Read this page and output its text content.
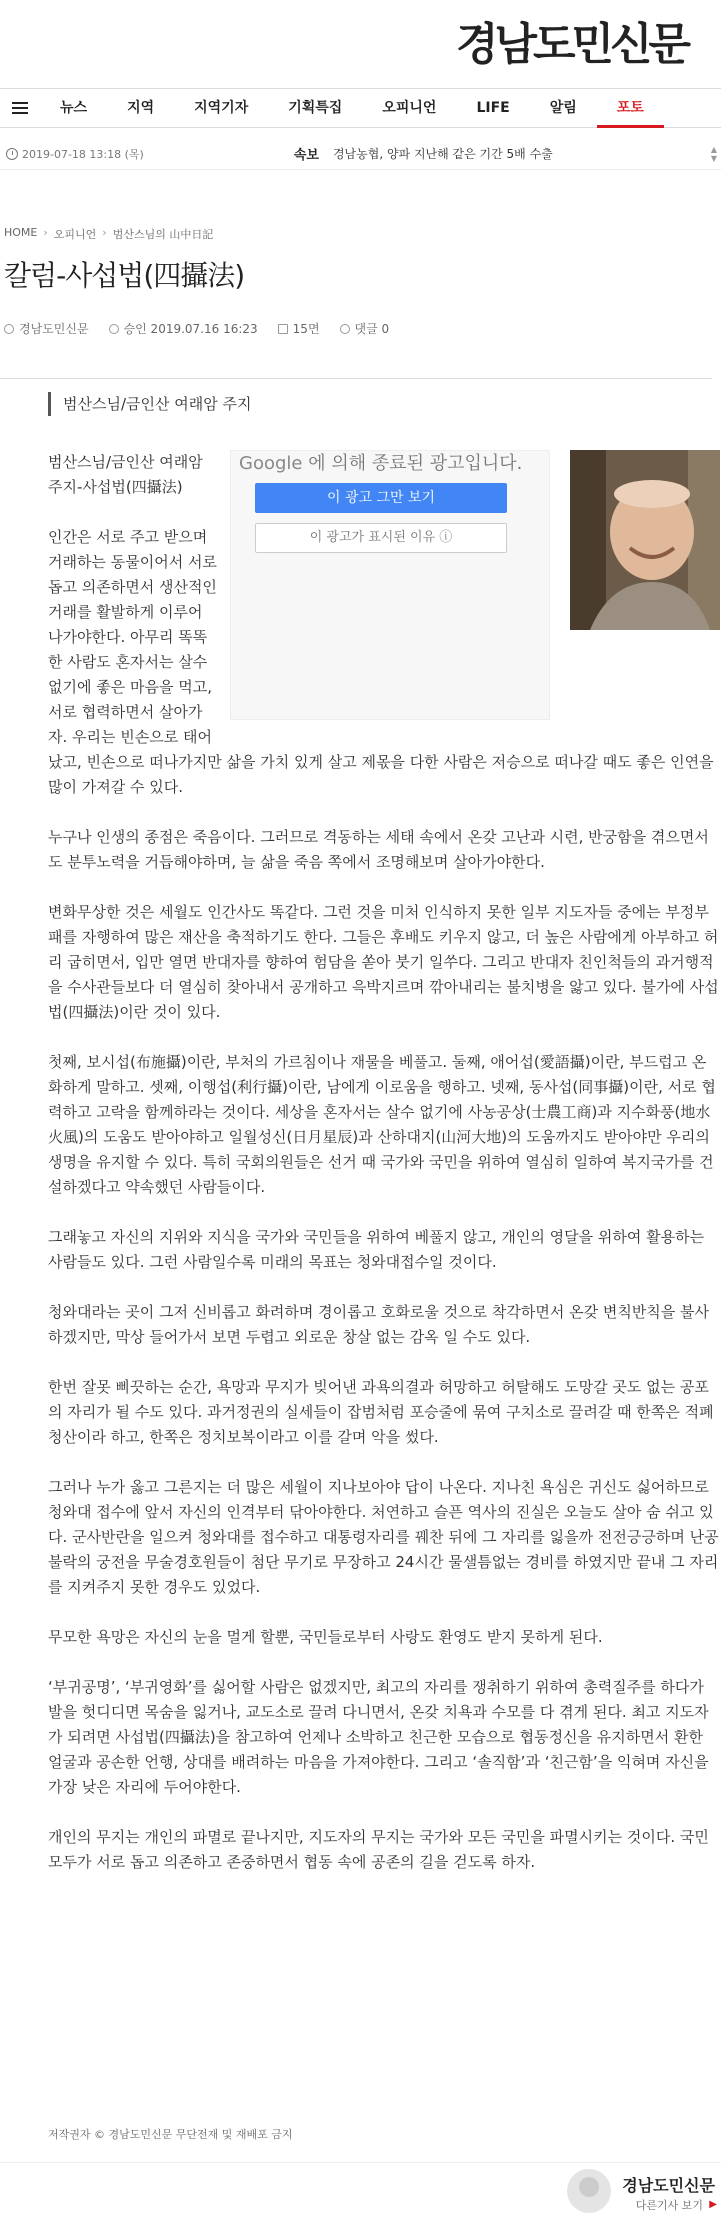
경남도민신문
뉴스	지역	지역기자	기획특집	오피니언	LIFE	알림	포토
2019-07-18 13:18 (목)	속보 경남농협, 양파 지난해 같은 기간 5배 수출	▲
▼
HOME › 오피니언 › 범산스님의 山中日記
칼럼-사섭법(四攝法)
경남도민신문	승인 2019.07.16 16:23	15면	댓글 0
범산스님/금인산 여래암 주지
Google 에 의해 종료된 광고입니다.
이 광고 그만 보기
이 광고가 표시된 이유 ⓘ

범산스님/금인산 여래암 주지-사섭법(四攝法)

인간은 서로 주고 받으며 거래하는 동물이어서 서로 돕고 의존하면서 생산적인 거래를 활발하게 이루어 나가야한다. 아무리 똑똑한 사람도 혼자서는 살수 없기에 좋은 마음을 먹고, 서로 협력하면서 살아가자. 우리는 빈손으로 태어났고, 빈손으로 떠나가지만 삶을 가치 있게 살고 제몫을 다한 사람은 저승으로 떠나갈 때도 좋은 인연을 많이 가져갈 수 있다.

누구나 인생의 종점은 죽음이다. 그러므로 격동하는 세태 속에서 온갖 고난과 시련, 반궁함을 겪으면서도 분투노력을 거듭해야하며, 늘 삶을 죽음 쪽에서 조명해보며 살아가야한다.

변화무상한 것은 세월도 인간사도 똑같다. 그런 것을 미처 인식하지 못한 일부 지도자들 중에는 부정부패를 자행하여 많은 재산을 축적하기도 한다. 그들은 후배도 키우지 않고, 더 높은 사람에게 아부하고 허리 굽히면서, 입만 열면 반대자를 향하여 험담을 쏟아 붓기 일쑤다. 그리고 반대자 친인척들의 과거행적을 수사관들보다 더 열심히 찾아내서 공개하고 윽박지르며 깎아내리는 불치병을 앓고 있다. 불가에 사섭법(四攝法)이란 것이 있다.

첫째, 보시섭(布施攝)이란, 부처의 가르침이나 재물을 베풀고. 둘째, 애어섭(愛語攝)이란, 부드럽고 온화하게 말하고. 셋째, 이행섭(利行攝)이란, 남에게 이로움을 행하고. 넷째, 동사섭(同事攝)이란, 서로 협력하고 고락을 함께하라는 것이다. 세상을 혼자서는 살수 없기에 사농공상(士農工商)과 지수화풍(地水火風)의 도움도 받아야하고 일월성신(日月星辰)과 산하대지(山河大地)의 도움까지도 받아야만 우리의 생명을 유지할 수 있다. 특히 국회의원들은 선거 때 국가와 국민을 위하여 열심히 일하여 복지국가를 건설하겠다고 약속했던 사람들이다.

그래놓고 자신의 지위와 지식을 국가와 국민들을 위하여 베풀지 않고, 개인의 영달을 위하여 활용하는 사람들도 있다. 그런 사람일수록 미래의 목표는 청와대접수일 것이다.

청와대라는 곳이 그저 신비롭고 화려하며 경이롭고 호화로울 것으로 착각하면서 온갖 변칙반칙을 불사하겠지만, 막상 들어가서 보면 두렵고 외로운 창살 없는 감옥 일 수도 있다.

한번 잘못 삐끗하는 순간, 욕망과 무지가 빚어낸 과욕의결과 허망하고 허탈해도 도망갈 곳도 없는 공포의 자리가 될 수도 있다. 과거정권의 실세들이 잡범처럼 포승줄에 묶여 구치소로 끌려갈 때 한쪽은 적폐 청산이라 하고, 한쪽은 정치보복이라고 이를 갈며 악을 썼다.

그러나 누가 옳고 그른지는 더 많은 세월이 지나보아야 답이 나온다. 지나친 욕심은 귀신도 싫어하므로 청와대 접수에 앞서 자신의 인격부터 닦아야한다. 처연하고 슬픈 역사의 진실은 오늘도 살아 숨 쉬고 있다. 군사반란을 일으켜 청와대를 접수하고 대통령자리를 꿰찬 뒤에 그 자리를 잃을까 전전긍긍하며 난공불락의 궁전을 무술경호원들이 첨단 무기로 무장하고 24시간 물샐틈없는 경비를 하였지만 끝내 그 자리를 지켜주지 못한 경우도 있었다.

무모한 욕망은 자신의 눈을 멀게 할뿐, 국민들로부터 사랑도 환영도 받지 못하게 된다.

‘부귀공명’, ‘부귀영화’를 싫어할 사람은 없겠지만, 최고의 자리를 쟁취하기 위하여 총력질주를 하다가 발을 헛디디면 목숨을 잃거나, 교도소로 끌려 다니면서, 온갖 치욕과 수모를 다 겪게 된다. 최고 지도자가 되려면 사섭법(四攝法)을 참고하여 언제나 소박하고 친근한 모습으로 협동정신을 유지하면서 환한 얼굴과 공손한 언행, 상대를 배려하는 마음을 가져야한다. 그리고 ‘솔직함’과 ‘친근함’을 익혀며 자신을 가장 낮은 자리에 두어야한다.

개인의 무지는 개인의 파멸로 끝나지만, 지도자의 무지는 국가와 모든 국민을 파멸시키는 것이다. 국민 모두가 서로 돕고 의존하고 존중하면서 협동 속에 공존의 길을 걷도록 하자.

저작권자 © 경남도민신문 무단전재 및 재배포 금지
경남도민신문
다른기사 보기 ▶
